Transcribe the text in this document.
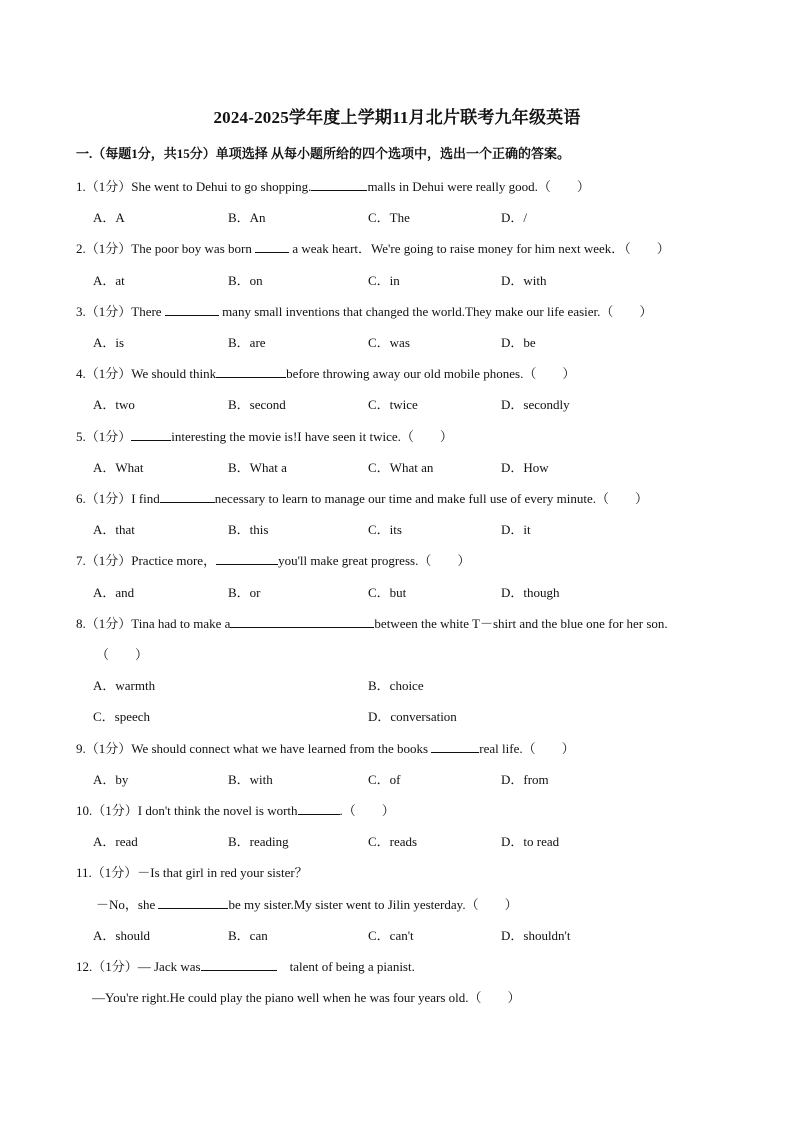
2024-2025学年度上学期11月北片联考九年级英语
一.（每题1分，共15分）单项选择 从每小题所给的四个选项中，选出一个正确的答案。
1.（1分）She went to Dehui to go shopping.	malls in Dehui were really good.（　　）
A．A	B．An	C．The	D．/
2.（1分）The poor boy was born	a weak heart．We're going to raise money for him next week．（　　）
A．at	B．on	C．in	D．with
3.（1分）There	many small inventions that changed the world.They make our life easier.（　　）
A．is	B．are	C．was	D．be
4.（1分）We should think	before throwing away our old mobile phones.（　　）
A．two	B．second	C．twice	D．secondly
5.（1分）	interesting the movie is!I have seen it twice.（　　）
A．What	B．What a	C．What an	D．How
6.（1分）I find	necessary to learn to manage our time and make full use of every minute.（　　）
A．that	B．this	C．its	D．it
7.（1分）Practice more，	you'll make great progress.（　　）
A．and	B．or	C．but	D．though
8.（1分）Tina had to make a	between the white T－shirt and the blue one for her son.
（　　）
A．warmth	B．choice
C．speech	D．conversation
9.（1分）We should connect what we have learned from the books	real life.（　　）
A．by	B．with	C．of	D．from
10.（1分）I don't think the novel is worth	.（　　）
A．read	B．reading	C．reads	D．to read
11.（1分）－Is that girl in red your sister？
－No，she	be my sister.My sister went to Jilin yesterday.（　　）
A．should	B．can	C．can't	D．shouldn't
12.（1分）— Jack was	　talent of being a pianist.
—You're right.He could play the piano well when he was four years old.（　　）
